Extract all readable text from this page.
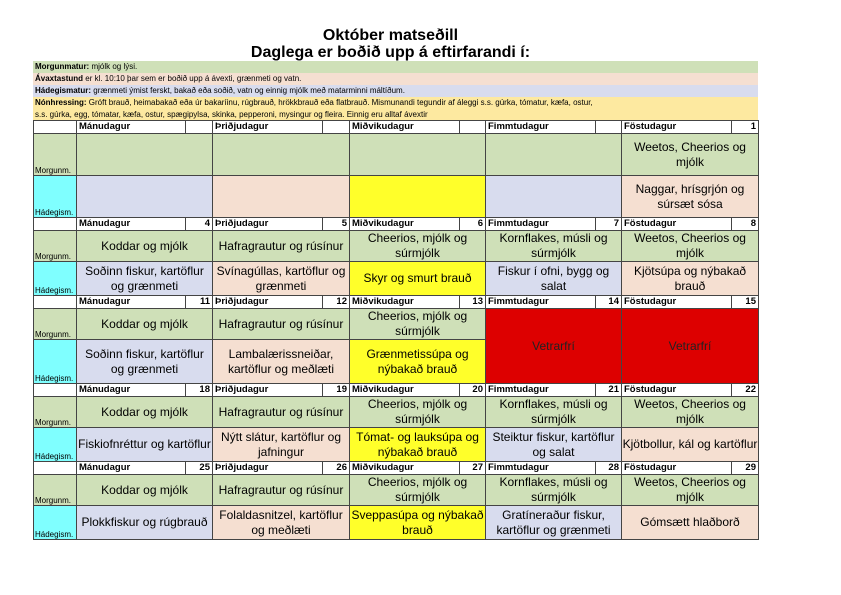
Október matseðill
Daglega er boðið upp á eftirfarandi í:
Morgunmatur: mjólk og lýsi.
Ávaxtastund er kl. 10:10 þar sem er boðið upp á ávexti, grænmeti og vatn.
Hádegismatur: grænmeti ýmist ferskt, bakað eða soðið, vatn og einnig mjólk með matarminni máltíðum.
Nónhressing: Gróft brauð, heimabakað eða úr bakaríinu, rúgbrauð, hrökkbrauð eða flatbrauð. Mismunandi tegundir af áleggi s.s. gúrka, tómatur, kæfa, ostur,
s.s. gúrka, egg, tómatar, kæfa, ostur, spægipylsa, skinka, pepperoni, mysingur og fleira. Einnig eru alltaf ávextir
	Mánudagur		Þriðjudagur		Miðvikudagur		Fimmtudagur		Föstudagur	1
Morgunm.									Weetos, Cheerios og mjólk	
Hádegism.									Naggar, hrísgrjón og súrsæt sósa	
	Mánudagur	4	Þriðjudagur	5	Miðvikudagur	6	Fimmtudagur	7	Föstudagur	8
Morgunm.	Koddar og mjólk		Hafragrautur og rúsínur		Cheerios, mjólk og súrmjólk		Kornflakes, músli og súrmjólk		Weetos, Cheerios og mjólk	
Hádegism.	Soðinn fiskur, kartöflur og grænmeti		Svínagúllas, kartöflur og grænmeti		Skyr og smurt brauð		Fiskur í ofni, bygg og salat		Kjötsúpa og nýbakað brauð	
	Mánudagur	11	Þriðjudagur	12	Miðvikudagur	13	Fimmtudagur	14	Föstudagur	15
Morgunm.	Koddar og mjólk		Hafragrautur og rúsínur		Cheerios, mjólk og súrmjólk		Vetrarfrí		Vetrarfrí	
Hádegism.	Soðinn fiskur, kartöflur og grænmeti		Lambalærissneiðar, kartöflur og meðlæti		Grænmetissúpa og nýbakað brauð					
	Mánudagur	18	Þriðjudagur	19	Miðvikudagur	20	Fimmtudagur	21	Föstudagur	22
Morgunm.	Koddar og mjólk		Hafragrautur og rúsínur		Cheerios, mjólk og súrmjólk		Kornflakes, músli og súrmjólk		Weetos, Cheerios og mjólk	
Hádegism.	Fiskiofnréttur og kartöflur		Nýtt slátur, kartöflur og jafningur		Tómat- og lauksúpa og nýbakað brauð		Steiktur fiskur, kartöflur og salat		Kjötbollur, kál og kartöflur	
	Mánudagur	25	Þriðjudagur	26	Miðvikudagur	27	Fimmtudagur	28	Föstudagur	29
Morgunm.	Koddar og mjólk		Hafragrautur og rúsínur		Cheerios, mjólk og súrmjólk		Kornflakes, músli og súrmjólk		Weetos, Cheerios og mjólk	
Hádegism.	Plokkfiskur og rúgbrauð		Folaldasnitzel, kartöflur og meðlæti		Sveppasúpa og nýbakað brauð		Gratíneraður fiskur, kartöflur og grænmeti		Gómsætt hlaðborð	
